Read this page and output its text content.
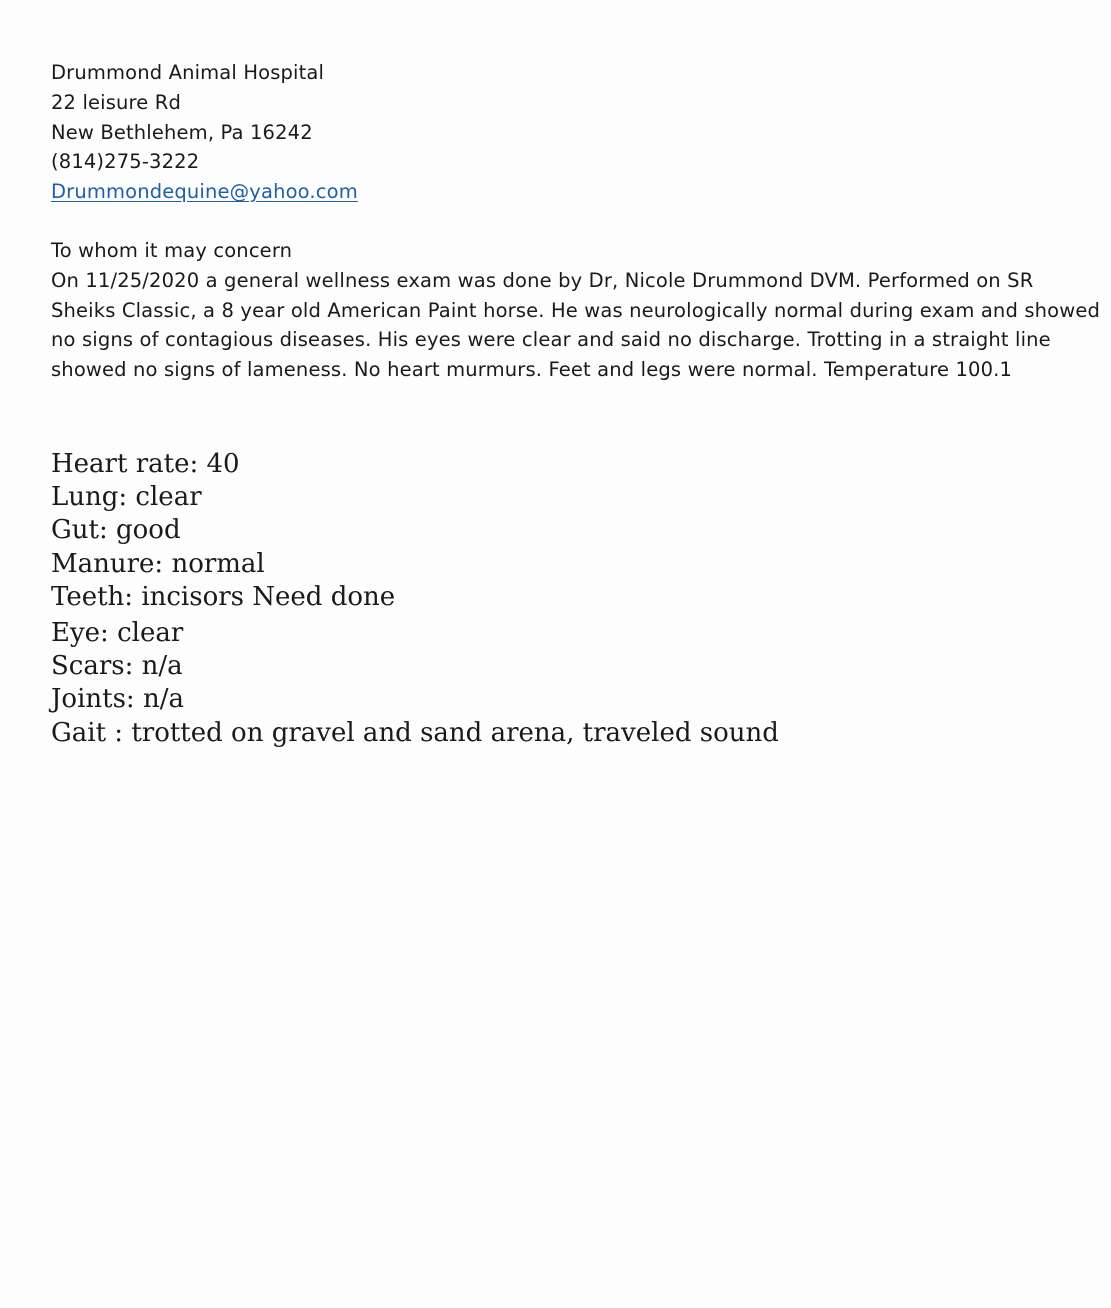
Drummond Animal Hospital
22 leisure Rd
New Bethlehem, Pa 16242
(814)275-3222
Drummondequine@yahoo.com
To whom it may concern
On 11/25/2020 a general wellness exam was done by Dr, Nicole Drummond DVM. Performed on SR
Sheiks Classic, a 8 year old American Paint horse. He was neurologically normal during exam and showed
no signs of contagious diseases. His eyes were clear and said no discharge. Trotting in a straight line
showed no signs of lameness. No heart murmurs. Feet and legs were normal. Temperature 100.1
Heart rate: 40
Lung: clear
Gut: good
Manure: normal
Teeth: incisors Need done
Eye: clear
Scars: n/a
Joints: n/a
Gait : trotted on gravel and sand arena, traveled sound
